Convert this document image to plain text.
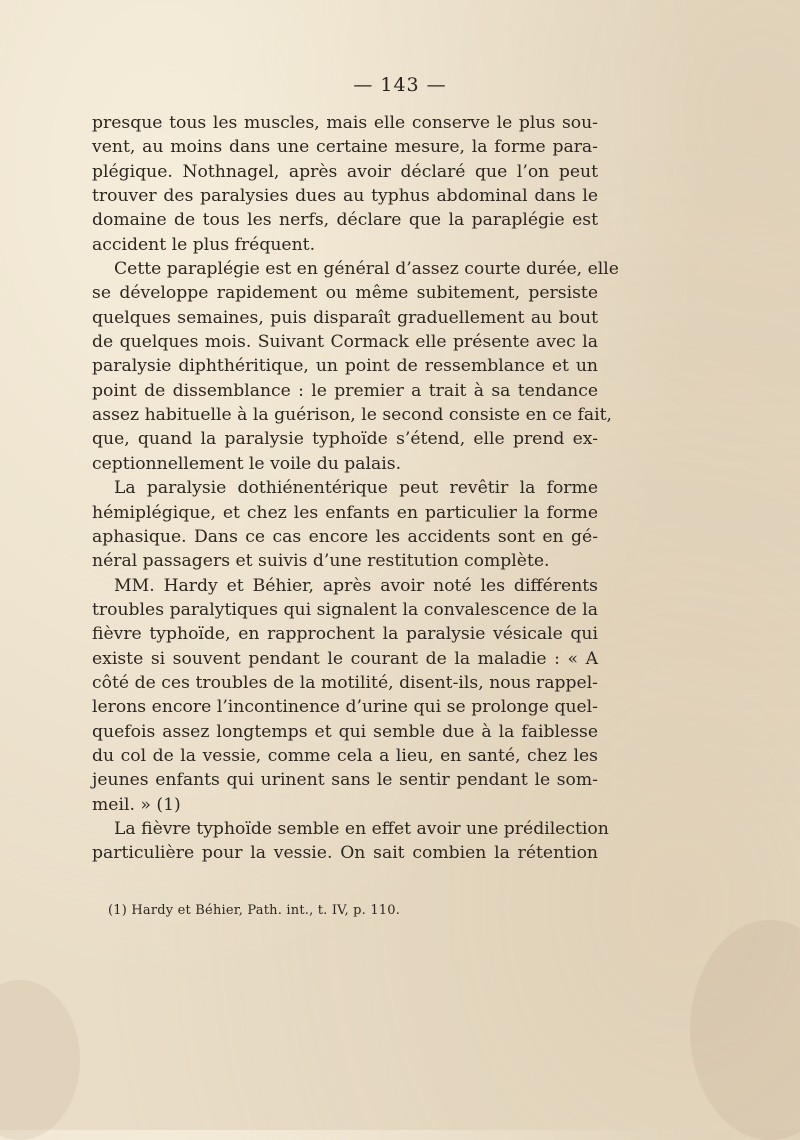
— 143 —
presque tous les muscles, mais elle conserve le plus sou-
vent, au moins dans une certaine mesure, la forme para-
plégique. Nothnagel, après avoir déclaré que l’on peut
trouver des paralysies dues au typhus abdominal dans le
domaine de tous les nerfs, déclare que la paraplégie est
accident le plus fréquent.
Cette paraplégie est en général d’assez courte durée, elle
se développe rapidement ou même subitement, persiste
quelques semaines, puis disparaît graduellement au bout
de quelques mois. Suivant Cormack elle présente avec la
paralysie diphthéritique, un point de ressemblance et un
point de dissemblance : le premier a trait à sa tendance
assez habituelle à la guérison, le second consiste en ce fait,
que, quand la paralysie typhoïde s’étend, elle prend ex-
ceptionnellement le voile du palais.
La paralysie dothiénentérique peut revêtir la forme
hémiplégique, et chez les enfants en particulier la forme
aphasique. Dans ce cas encore les accidents sont en gé-
néral passagers et suivis d’une restitution complète.
MM. Hardy et Béhier, après avoir noté les différents
troubles paralytiques qui signalent la convalescence de la
fièvre typhoïde, en rapprochent la paralysie vésicale qui
existe si souvent pendant le courant de la maladie : « A
côté de ces troubles de la motilité, disent-ils, nous rappel-
lerons encore l’incontinence d’urine qui se prolonge quel-
quefois assez longtemps et qui semble due à la faiblesse
du col de la vessie, comme cela a lieu, en santé, chez les
jeunes enfants qui urinent sans le sentir pendant le som-
meil. » (1)
La fièvre typhoïde semble en effet avoir une prédilection
particulière pour la vessie. On sait combien la rétention
(1) Hardy et Béhier, Path. int., t. IV, p. 110.
